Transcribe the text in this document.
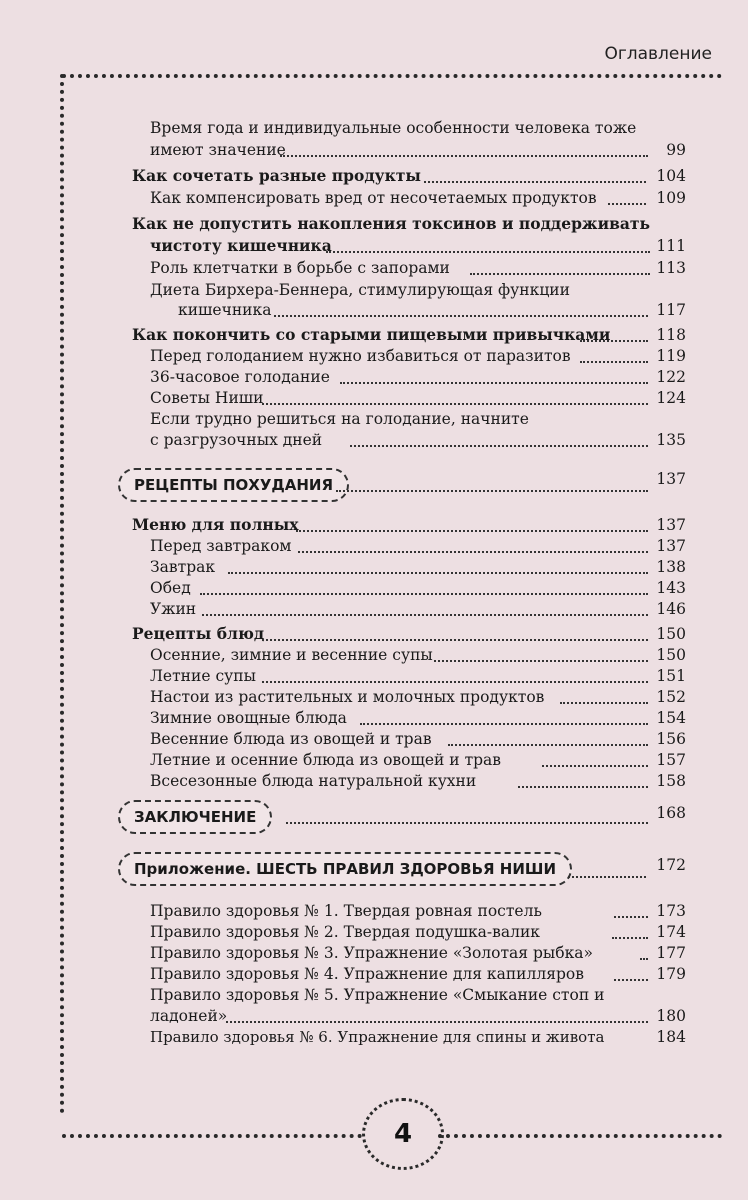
Оглавление
4
Время года и индивидуальные особенности человека тоже
имеют значение	99
Как сочетать разные продукты	104
Как компенсировать вред от несочетаемых продуктов	109
Как не допустить накопления токсинов и поддерживать
чистоту кишечника	111
Роль клетчатки в борьбе с запорами	113
Диета Бирхера-Беннера, стимулирующая функции
кишечника	117
Как покончить со старыми пищевыми привычками	118
Перед голоданием нужно избавиться от паразитов	119
36-часовое голодание	122
Советы Ниши	124
Если трудно решиться на голодание, начните
с разгрузочных дней	135
РЕЦЕПТЫ ПОХУДАНИЯ	137
Меню для полных	137
Перед завтраком	137
Завтрак	138
Обед	143
Ужин	146
Рецепты блюд	150
Осенние, зимние и весенние супы	150
Летние супы	151
Настои из растительных и молочных продуктов	152
Зимние овощные блюда	154
Весенние блюда из овощей и трав	156
Летние и осенние блюда из овощей и трав	157
Всесезонные блюда натуральной кухни	158
ЗАКЛЮЧЕНИЕ	168
Приложение. ШЕСТЬ ПРАВИЛ ЗДОРОВЬЯ НИШИ	172
Правило здоровья № 1. Твердая ровная постель	173
Правило здоровья № 2. Твердая подушка-валик	174
Правило здоровья № 3. Упражнение «Золотая рыбка»	177
Правило здоровья № 4. Упражнение для капилляров	179
Правило здоровья № 5. Упражнение «Смыкание стоп и
ладоней»	180
Правило здоровья № 6. Упражнение для спины и живота	184
